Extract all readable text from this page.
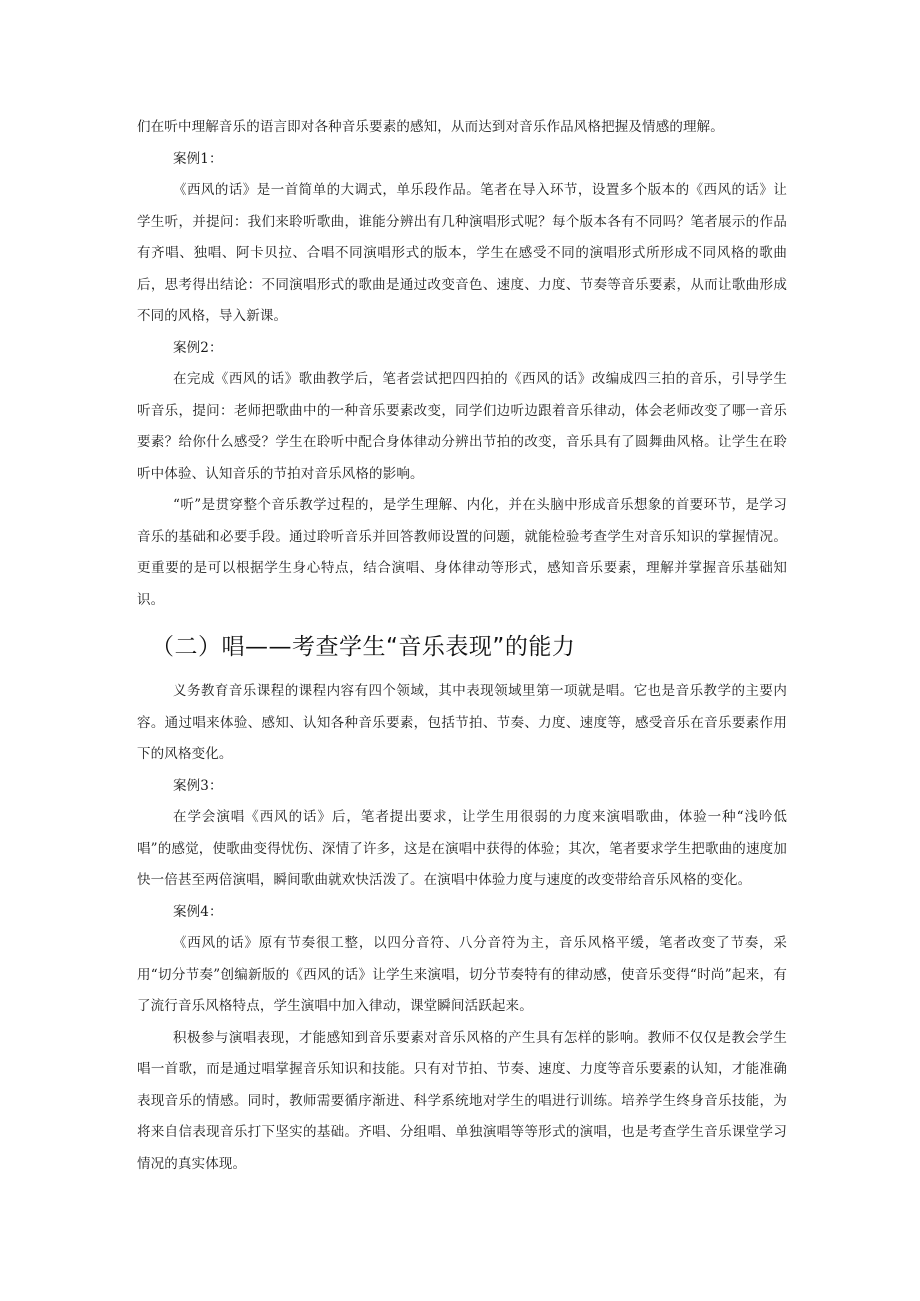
们在听中理解音乐的语言即对各种音乐要素的感知，从而达到对音乐作品风格把握及情感的理解。

案例1：

《西风的话》是一首简单的大调式，单乐段作品。笔者在导入环节，设置多个版本的《西风的话》让学生听，并提问：我们来聆听歌曲，谁能分辨出有几种演唱形式呢？每个版本各有不同吗？笔者展示的作品有齐唱、独唱、阿卡贝拉、合唱不同演唱形式的版本，学生在感受不同的演唱形式所形成不同风格的歌曲后，思考得出结论：不同演唱形式的歌曲是通过改变音色、速度、力度、节奏等音乐要素，从而让歌曲形成不同的风格，导入新课。

案例2：

在完成《西风的话》歌曲教学后，笔者尝试把四四拍的《西风的话》改编成四三拍的音乐，引导学生听音乐，提问：老师把歌曲中的一种音乐要素改变，同学们边听边跟着音乐律动，体会老师改变了哪一音乐要素？给你什么感受？学生在聆听中配合身体律动分辨出节拍的改变，音乐具有了圆舞曲风格。让学生在聆听中体验、认知音乐的节拍对音乐风格的影响。

“听”是贯穿整个音乐教学过程的，是学生理解、内化，并在头脑中形成音乐想象的首要环节，是学习音乐的基础和必要手段。通过聆听音乐并回答教师设置的问题，就能检验考查学生对音乐知识的掌握情况。更重要的是可以根据学生身心特点，结合演唱、身体律动等形式，感知音乐要素，理解并掌握音乐基础知识。

（二）唱——考查学生“音乐表现”的能力

义务教育音乐课程的课程内容有四个领域，其中表现领域里第一项就是唱。它也是音乐教学的主要内容。通过唱来体验、感知、认知各种音乐要素，包括节拍、节奏、力度、速度等，感受音乐在音乐要素作用下的风格变化。

案例3：

在学会演唱《西风的话》后，笔者提出要求，让学生用很弱的力度来演唱歌曲，体验一种“浅吟低唱”的感觉，使歌曲变得忧伤、深情了许多，这是在演唱中获得的体验；其次，笔者要求学生把歌曲的速度加快一倍甚至两倍演唱，瞬间歌曲就欢快活泼了。在演唱中体验力度与速度的改变带给音乐风格的变化。

案例4：

《西风的话》原有节奏很工整，以四分音符、八分音符为主，音乐风格平缓，笔者改变了节奏，采用“切分节奏”创编新版的《西风的话》让学生来演唱，切分节奏特有的律动感，使音乐变得“时尚”起来，有了流行音乐风格特点，学生演唱中加入律动，课堂瞬间活跃起来。

积极参与演唱表现，才能感知到音乐要素对音乐风格的产生具有怎样的影响。教师不仅仅是教会学生唱一首歌，而是通过唱掌握音乐知识和技能。只有对节拍、节奏、速度、力度等音乐要素的认知，才能准确表现音乐的情感。同时，教师需要循序渐进、科学系统地对学生的唱进行训练。培养学生终身音乐技能，为将来自信表现音乐打下坚实的基础。齐唱、分组唱、单独演唱等等形式的演唱，也是考查学生音乐课堂学习情况的真实体现。
